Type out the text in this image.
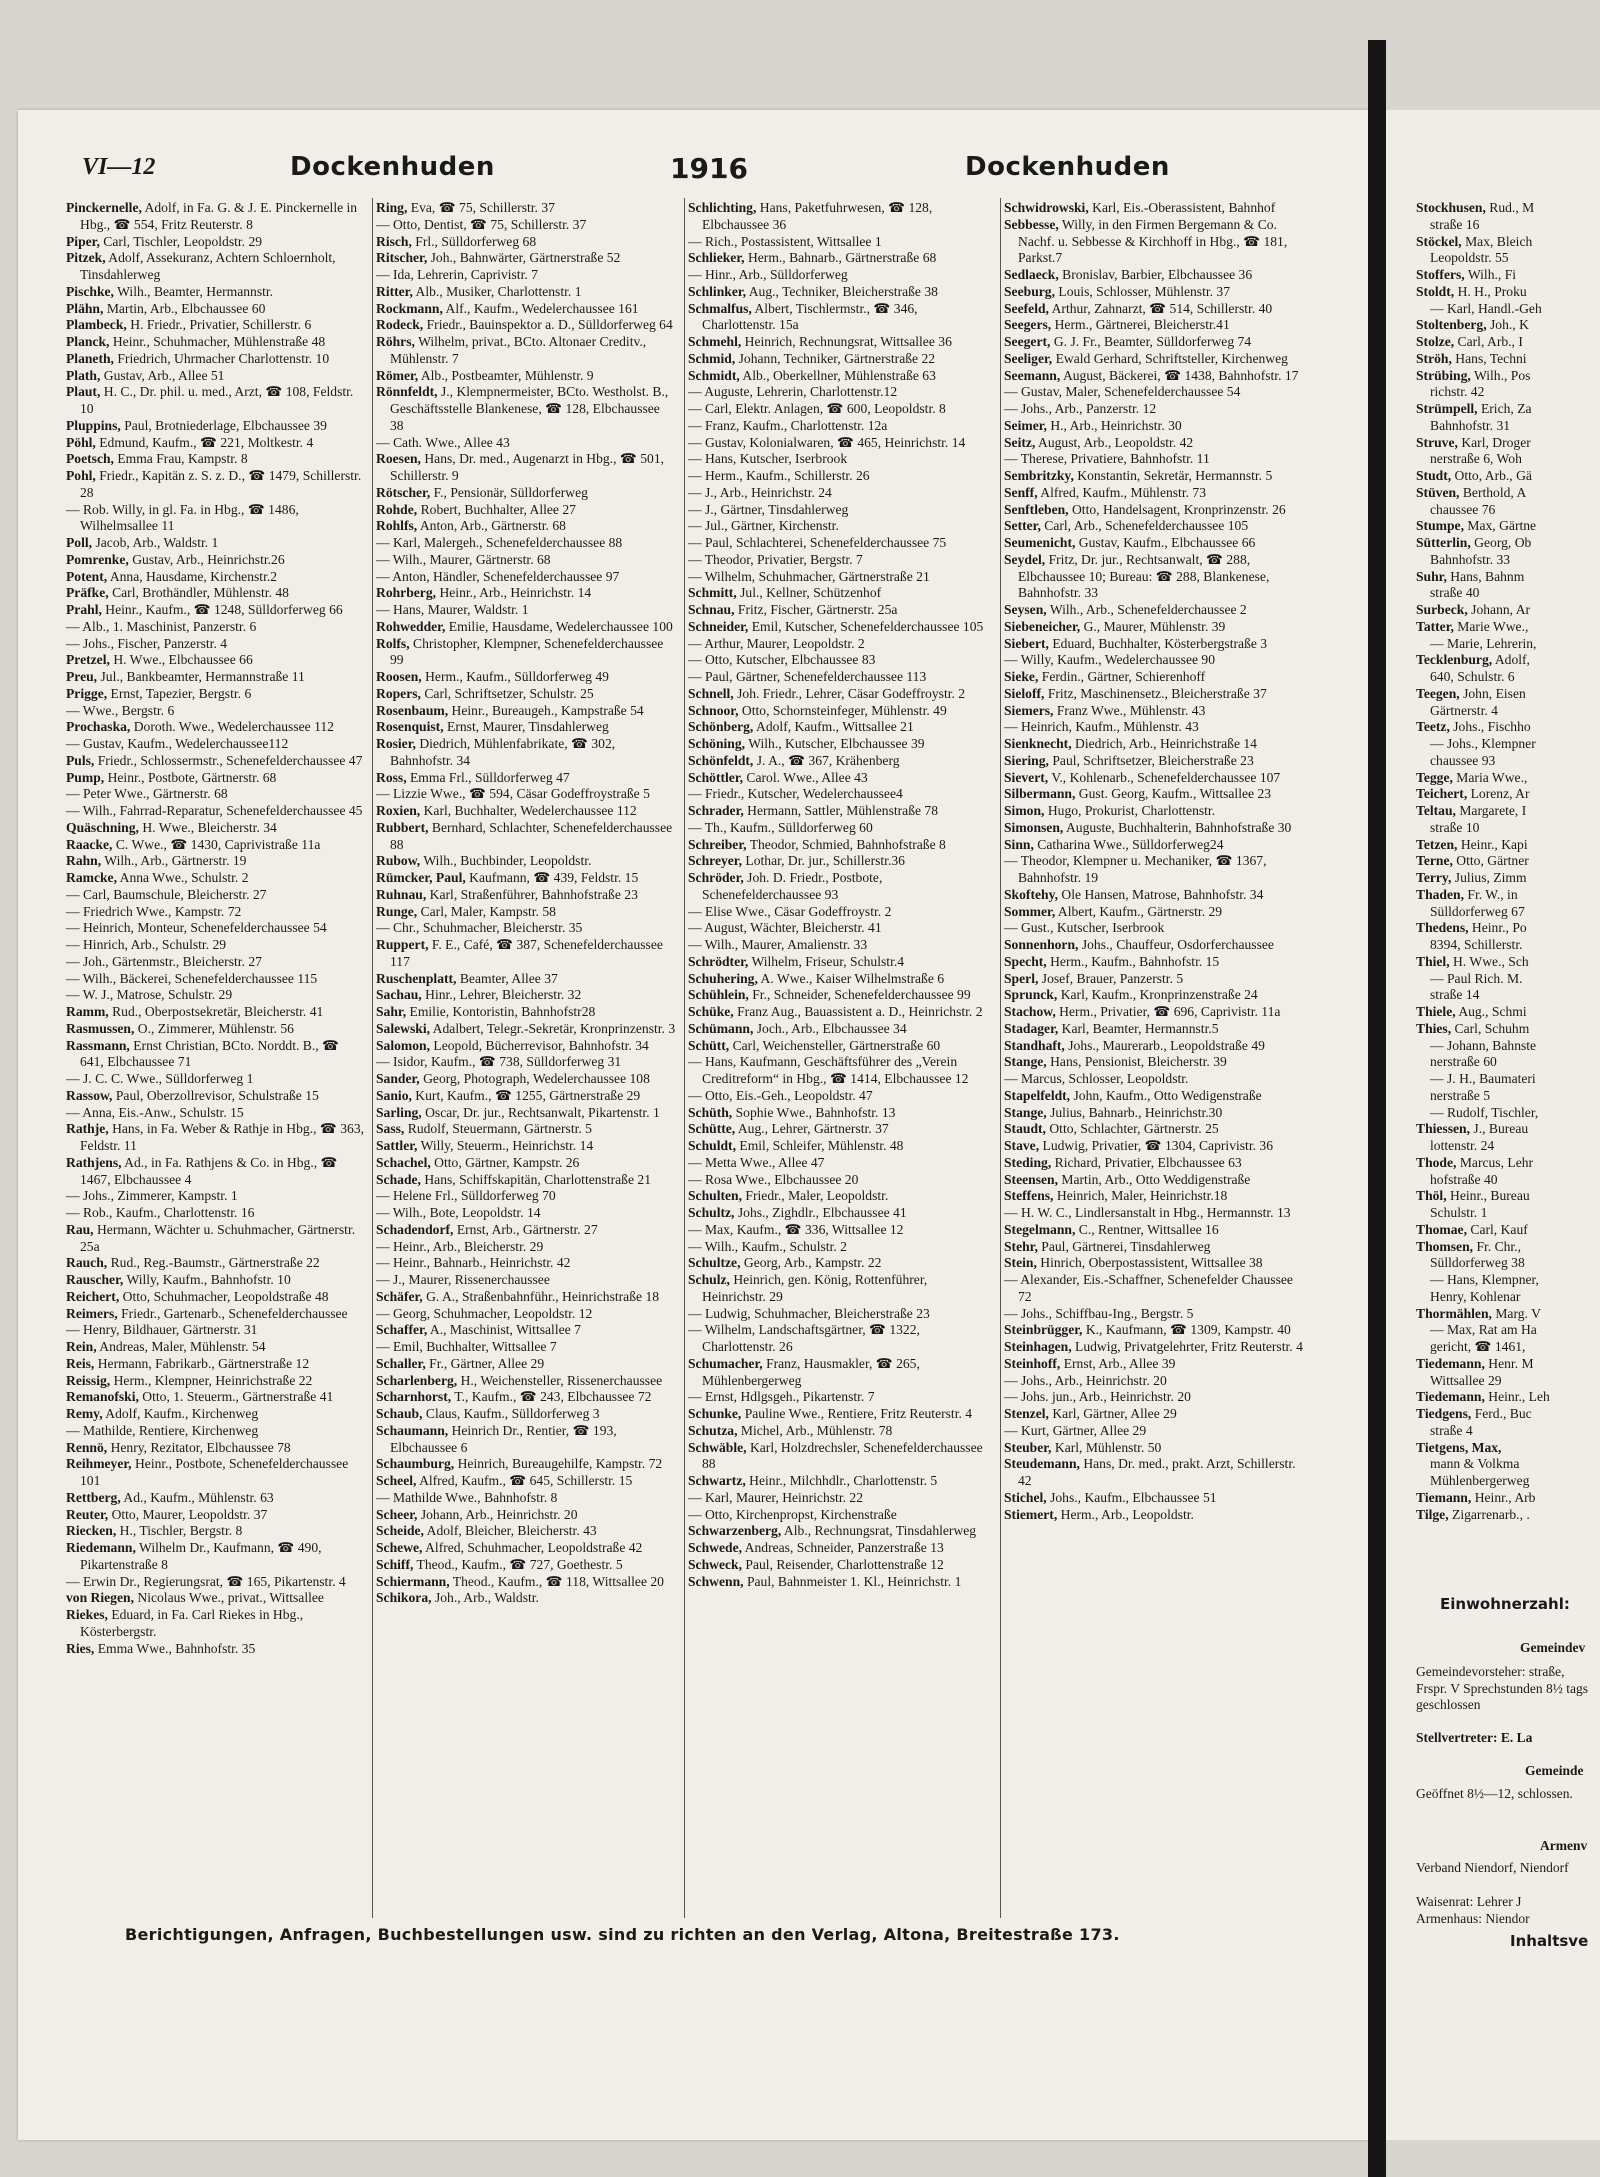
VI—12	Dockenhuden	1916	Dockenhuden

Pinckernelle, Adolf, in Fa. G. & J. E. Pinckernelle in Hbg., ☎ 554, Fritz Reuterstr. 8

Piper, Carl, Tischler, Leopoldstr. 29

Pitzek, Adolf, Assekuranz, Achtern Schloernholt, Tinsdahlerweg

Pischke, Wilh., Beamter, Hermannstr.

Plähn, Martin, Arb., Elbchaussee 60

Plambeck, H. Friedr., Privatier, Schillerstr. 6

Planck, Heinr., Schuhmacher, Mühlenstraße 48

Planeth, Friedrich, Uhrmacher Charlottenstr. 10

Plath, Gustav, Arb., Allee 51

Plaut, H. C., Dr. phil. u. med., Arzt, ☎ 108, Feldstr. 10

Pluppins, Paul, Brotniederlage, Elbchaussee 39

Pöhl, Edmund, Kaufm., ☎ 221, Moltkestr. 4

Poetsch, Emma Frau, Kampstr. 8

Pohl, Friedr., Kapitän z. S. z. D., ☎ 1479, Schillerstr. 28

— Rob. Willy, in gl. Fa. in Hbg., ☎ 1486, Wilhelmsallee 11

Poll, Jacob, Arb., Waldstr. 1

Pomrenke, Gustav, Arb., Heinrichstr.26

Potent, Anna, Hausdame, Kirchenstr.2

Präfke, Carl, Brothändler, Mühlenstr. 48

Prahl, Heinr., Kaufm., ☎ 1248, Sülldorferweg 66

— Alb., 1. Maschinist, Panzerstr. 6

— Johs., Fischer, Panzerstr. 4

Pretzel, H. Wwe., Elbchaussee 66

Preu, Jul., Bankbeamter, Hermannstraße 11

Prigge, Ernst, Tapezier, Bergstr. 6

— Wwe., Bergstr. 6

Prochaska, Doroth. Wwe., Wedelerchaussee 112

— Gustav, Kaufm., Wedelerchaussee112

Puls, Friedr., Schlossermstr., Schenefelderchaussee 47

Pump, Heinr., Postbote, Gärtnerstr. 68

— Peter Wwe., Gärtnerstr. 68

— Wilh., Fahrrad-Reparatur, Schenefelderchaussee 45

Quäschning, H. Wwe., Bleicherstr. 34

Raacke, C. Wwe., ☎ 1430, Caprivistraße 11a

Rahn, Wilh., Arb., Gärtnerstr. 19

Ramcke, Anna Wwe., Schulstr. 2

— Carl, Baumschule, Bleicherstr. 27

— Friedrich Wwe., Kampstr. 72

— Heinrich, Monteur, Schenefelderchaussee 54

— Hinrich, Arb., Schulstr. 29

— Joh., Gärtenmstr., Bleicherstr. 27

— Wilh., Bäckerei, Schenefelderchaussee 115

— W. J., Matrose, Schulstr. 29

Ramm, Rud., Oberpostsekretär, Bleicherstr. 41

Rasmussen, O., Zimmerer, Mühlenstr. 56

Rassmann, Ernst Christian, BCto. Norddt. B., ☎ 641, Elbchaussee 71

— J. C. C. Wwe., Sülldorferweg 1

Rassow, Paul, Oberzollrevisor, Schulstraße 15

— Anna, Eis.-Anw., Schulstr. 15

Rathje, Hans, in Fa. Weber & Rathje in Hbg., ☎ 363, Feldstr. 11

Rathjens, Ad., in Fa. Rathjens & Co. in Hbg., ☎ 1467, Elbchaussee 4

— Johs., Zimmerer, Kampstr. 1

— Rob., Kaufm., Charlottenstr. 16

Rau, Hermann, Wächter u. Schuhmacher, Gärtnerstr. 25a

Rauch, Rud., Reg.-Baumstr., Gärtnerstraße 22

Rauscher, Willy, Kaufm., Bahnhofstr. 10

Reichert, Otto, Schuhmacher, Leopoldstraße 48

Reimers, Friedr., Gartenarb., Schenefelderchaussee

— Henry, Bildhauer, Gärtnerstr. 31

Rein, Andreas, Maler, Mühlenstr. 54

Reis, Hermann, Fabrikarb., Gärtnerstraße 12

Reissig, Herm., Klempner, Heinrichstraße 22

Remanofski, Otto, 1. Steuerm., Gärtnerstraße 41

Remy, Adolf, Kaufm., Kirchenweg

— Mathilde, Rentiere, Kirchenweg

Rennö, Henry, Rezitator, Elbchaussee 78

Reihmeyer, Heinr., Postbote, Schenefelderchaussee 101

Rettberg, Ad., Kaufm., Mühlenstr. 63

Reuter, Otto, Maurer, Leopoldstr. 37

Riecken, H., Tischler, Bergstr. 8

Riedemann, Wilhelm Dr., Kaufmann, ☎ 490, Pikartenstraße 8

— Erwin Dr., Regierungsrat, ☎ 165, Pikartenstr. 4

von Riegen, Nicolaus Wwe., privat., Wittsallee

Riekes, Eduard, in Fa. Carl Riekes in Hbg., Kösterbergstr.

Ries, Emma Wwe., Bahnhofstr. 35

Ring, Eva, ☎ 75, Schillerstr. 37

— Otto, Dentist, ☎ 75, Schillerstr. 37

Risch, Frl., Sülldorferweg 68

Ritscher, Joh., Bahnwärter, Gärtnerstraße 52

— Ida, Lehrerin, Caprivistr. 7

Ritter, Alb., Musiker, Charlottenstr. 1

Rockmann, Alf., Kaufm., Wedelerchaussee 161

Rodeck, Friedr., Bauinspektor a. D., Sülldorferweg 64

Röhrs, Wilhelm, privat., BCto. Altonaer Creditv., Mühlenstr. 7

Römer, Alb., Postbeamter, Mühlenstr. 9

Rönnfeldt, J., Klempnermeister, BCto. Westholst. B., Geschäftsstelle Blankenese, ☎ 128, Elbchaussee 38

— Cath. Wwe., Allee 43

Roesen, Hans, Dr. med., Augenarzt in Hbg., ☎ 501, Schillerstr. 9

Rötscher, F., Pensionär, Sülldorferweg

Rohde, Robert, Buchhalter, Allee 27

Rohlfs, Anton, Arb., Gärtnerstr. 68

— Karl, Malergeh., Schenefelderchaussee 88

— Wilh., Maurer, Gärtnerstr. 68

— Anton, Händler, Schenefelderchaussee 97

Rohrberg, Heinr., Arb., Heinrichstr. 14

— Hans, Maurer, Waldstr. 1

Rohwedder, Emilie, Hausdame, Wedelerchaussee 100

Rolfs, Christopher, Klempner, Schenefelderchaussee 99

Roosen, Herm., Kaufm., Sülldorferweg 49

Ropers, Carl, Schriftsetzer, Schulstr. 25

Rosenbaum, Heinr., Bureaugeh., Kampstraße 54

Rosenquist, Ernst, Maurer, Tinsdahlerweg

Rosier, Diedrich, Mühlenfabrikate, ☎ 302, Bahnhofstr. 34

Ross, Emma Frl., Sülldorferweg 47

— Lizzie Wwe., ☎ 594, Cäsar Godeffroystraße 5

Roxien, Karl, Buchhalter, Wedelerchaussee 112

Rubbert, Bernhard, Schlachter, Schenefelderchaussee 88

Rubow, Wilh., Buchbinder, Leopoldstr.

Rümcker, Paul, Kaufmann, ☎ 439, Feldstr. 15

Ruhnau, Karl, Straßenführer, Bahnhofstraße 23

Runge, Carl, Maler, Kampstr. 58

— Chr., Schuhmacher, Bleicherstr. 35

Ruppert, F. E., Café, ☎ 387, Schenefelderchaussee 117

Ruschenplatt, Beamter, Allee 37

Sachau, Hinr., Lehrer, Bleicherstr. 32

Sahr, Emilie, Kontoristin, Bahnhofstr28

Salewski, Adalbert, Telegr.-Sekretär, Kronprinzenstr. 3

Salomon, Leopold, Bücherrevisor, Bahnhofstr. 34

— Isidor, Kaufm., ☎ 738, Sülldorferweg 31

Sander, Georg, Photograph, Wedelerchaussee 108

Sanio, Kurt, Kaufm., ☎ 1255, Gärtnerstraße 29

Sarling, Oscar, Dr. jur., Rechtsanwalt, Pikartenstr. 1

Sass, Rudolf, Steuermann, Gärtnerstr. 5

Sattler, Willy, Steuerm., Heinrichstr. 14

Schachel, Otto, Gärtner, Kampstr. 26

Schade, Hans, Schiffskapitän, Charlottenstraße 21

— Helene Frl., Sülldorferweg 70

— Wilh., Bote, Leopoldstr. 14

Schadendorf, Ernst, Arb., Gärtnerstr. 27

— Heinr., Arb., Bleicherstr. 29

— Heinr., Bahnarb., Heinrichstr. 42

— J., Maurer, Rissenerchaussee

Schäfer, G. A., Straßenbahnführ., Heinrichstraße 18

— Georg, Schuhmacher, Leopoldstr. 12

Schaffer, A., Maschinist, Wittsallee 7

— Emil, Buchhalter, Wittsallee 7

Schaller, Fr., Gärtner, Allee 29

Scharlenberg, H., Weichensteller, Rissenerchaussee

Scharnhorst, T., Kaufm., ☎ 243, Elbchaussee 72

Schaub, Claus, Kaufm., Sülldorferweg 3

Schaumann, Heinrich Dr., Rentier, ☎ 193, Elbchaussee 6

Schaumburg, Heinrich, Bureaugehilfe, Kampstr. 72

Scheel, Alfred, Kaufm., ☎ 645, Schillerstr. 15

— Mathilde Wwe., Bahnhofstr. 8

Scheer, Johann, Arb., Heinrichstr. 20

Scheide, Adolf, Bleicher, Bleicherstr. 43

Schewe, Alfred, Schuhmacher, Leopoldstraße 42

Schiff, Theod., Kaufm., ☎ 727, Goethestr. 5

Schiermann, Theod., Kaufm., ☎ 118, Wittsallee 20

Schikora, Joh., Arb., Waldstr.

Schlichting, Hans, Paketfuhrwesen, ☎ 128, Elbchaussee 36

— Rich., Postassistent, Wittsallee 1

Schlieker, Herm., Bahnarb., Gärtnerstraße 68

— Hinr., Arb., Sülldorferweg

Schlinker, Aug., Techniker, Bleicherstraße 38

Schmalfus, Albert, Tischlermstr., ☎ 346, Charlottenstr. 15a

Schmehl, Heinrich, Rechnungsrat, Wittsallee 36

Schmid, Johann, Techniker, Gärtnerstraße 22

Schmidt, Alb., Oberkellner, Mühlenstraße 63

— Auguste, Lehrerin, Charlottenstr.12

— Carl, Elektr. Anlagen, ☎ 600, Leopoldstr. 8

— Franz, Kaufm., Charlottenstr. 12a

— Gustav, Kolonialwaren, ☎ 465, Heinrichstr. 14

— Hans, Kutscher, Iserbrook

— Herm., Kaufm., Schillerstr. 26

— J., Arb., Heinrichstr. 24

— J., Gärtner, Tinsdahlerweg

— Jul., Gärtner, Kirchenstr.

— Paul, Schlachterei, Schenefelderchaussee 75

— Theodor, Privatier, Bergstr. 7

— Wilhelm, Schuhmacher, Gärtnerstraße 21

Schmitt, Jul., Kellner, Schützenhof

Schnau, Fritz, Fischer, Gärtnerstr. 25a

Schneider, Emil, Kutscher, Schenefelderchaussee 105

— Arthur, Maurer, Leopoldstr. 2

— Otto, Kutscher, Elbchaussee 83

— Paul, Gärtner, Schenefelderchaussee 113

Schnell, Joh. Friedr., Lehrer, Cäsar Godeffroystr. 2

Schnoor, Otto, Schornsteinfeger, Mühlenstr. 49

Schönberg, Adolf, Kaufm., Wittsallee 21

Schöning, Wilh., Kutscher, Elbchaussee 39

Schönfeldt, J. A., ☎ 367, Krähenberg

Schöttler, Carol. Wwe., Allee 43

— Friedr., Kutscher, Wedelerchaussee4

Schrader, Hermann, Sattler, Mühlenstraße 78

— Th., Kaufm., Sülldorferweg 60

Schreiber, Theodor, Schmied, Bahnhofstraße 8

Schreyer, Lothar, Dr. jur., Schillerstr.36

Schröder, Joh. D. Friedr., Postbote, Schenefelderchaussee 93

— Elise Wwe., Cäsar Godeffroystr. 2

— August, Wächter, Bleicherstr. 41

— Wilh., Maurer, Amalienstr. 33

Schrödter, Wilhelm, Friseur, Schulstr.4

Schuhering, A. Wwe., Kaiser Wilhelmstraße 6

Schühlein, Fr., Schneider, Schenefelderchaussee 99

Schüke, Franz Aug., Bauassistent a. D., Heinrichstr. 2

Schümann, Joch., Arb., Elbchaussee 34

Schütt, Carl, Weichensteller, Gärtnerstraße 60

— Hans, Kaufmann, Geschäftsführer des „Verein Creditreform“ in Hbg., ☎ 1414, Elbchaussee 12

— Otto, Eis.-Geh., Leopoldstr. 47

Schüth, Sophie Wwe., Bahnhofstr. 13

Schütte, Aug., Lehrer, Gärtnerstr. 37

Schuldt, Emil, Schleifer, Mühlenstr. 48

— Metta Wwe., Allee 47

— Rosa Wwe., Elbchaussee 20

Schulten, Friedr., Maler, Leopoldstr.

Schultz, Johs., Zighdlr., Elbchaussee 41

— Max, Kaufm., ☎ 336, Wittsallee 12

— Wilh., Kaufm., Schulstr. 2

Schultze, Georg, Arb., Kampstr. 22

Schulz, Heinrich, gen. König, Rottenführer, Heinrichstr. 29

— Ludwig, Schuhmacher, Bleicherstraße 23

— Wilhelm, Landschaftsgärtner, ☎ 1322, Charlottenstr. 26

Schumacher, Franz, Hausmakler, ☎ 265, Mühlenbergerweg

— Ernst, Hdlgsgeh., Pikartenstr. 7

Schunke, Pauline Wwe., Rentiere, Fritz Reuterstr. 4

Schutza, Michel, Arb., Mühlenstr. 78

Schwäble, Karl, Holzdrechsler, Schenefelderchaussee 88

Schwartz, Heinr., Milchhdlr., Charlottenstr. 5

— Karl, Maurer, Heinrichstr. 22

— Otto, Kirchenpropst, Kirchenstraße

Schwarzenberg, Alb., Rechnungsrat, Tinsdahlerweg

Schwede, Andreas, Schneider, Panzerstraße 13

Schweck, Paul, Reisender, Charlottenstraße 12

Schwenn, Paul, Bahnmeister 1. Kl., Heinrichstr. 1

Schwidrowski, Karl, Eis.-Oberassistent, Bahnhof

Sebbesse, Willy, in den Firmen Bergemann & Co. Nachf. u. Sebbesse & Kirchhoff in Hbg., ☎ 181, Parkst.7

Sedlaeck, Bronislav, Barbier, Elbchaussee 36

Seeburg, Louis, Schlosser, Mühlenstr. 37

Seefeld, Arthur, Zahnarzt, ☎ 514, Schillerstr. 40

Seegers, Herm., Gärtnerei, Bleicherstr.41

Seegert, G. J. Fr., Beamter, Sülldorferweg 74

Seeliger, Ewald Gerhard, Schriftsteller, Kirchenweg

Seemann, August, Bäckerei, ☎ 1438, Bahnhofstr. 17

— Gustav, Maler, Schenefelderchaussee 54

— Johs., Arb., Panzerstr. 12

Seimer, H., Arb., Heinrichstr. 30

Seitz, August, Arb., Leopoldstr. 42

— Therese, Privatiere, Bahnhofstr. 11

Sembritzky, Konstantin, Sekretär, Hermannstr. 5

Senff, Alfred, Kaufm., Mühlenstr. 73

Senftleben, Otto, Handelsagent, Kronprinzenstr. 26

Setter, Carl, Arb., Schenefelderchaussee 105

Seumenicht, Gustav, Kaufm., Elbchaussee 66

Seydel, Fritz, Dr. jur., Rechtsanwalt, ☎ 288, Elbchaussee 10; Bureau: ☎ 288, Blankenese, Bahnhofstr. 33

Seysen, Wilh., Arb., Schenefelderchaussee 2

Siebeneicher, G., Maurer, Mühlenstr. 39

Siebert, Eduard, Buchhalter, Kösterbergstraße 3

— Willy, Kaufm., Wedelerchaussee 90

Sieke, Ferdin., Gärtner, Schierenhoff

Sieloff, Fritz, Maschinensetz., Bleicherstraße 37

Siemers, Franz Wwe., Mühlenstr. 43

— Heinrich, Kaufm., Mühlenstr. 43

Sienknecht, Diedrich, Arb., Heinrichstraße 14

Siering, Paul, Schriftsetzer, Bleicherstraße 23

Sievert, V., Kohlenarb., Schenefelderchaussee 107

Silbermann, Gust. Georg, Kaufm., Wittsallee 23

Simon, Hugo, Prokurist, Charlottenstr.

Simonsen, Auguste, Buchhalterin, Bahnhofstraße 30

Sinn, Catharina Wwe., Sülldorferweg24

— Theodor, Klempner u. Mechaniker, ☎ 1367, Bahnhofstr. 19

Skoftehy, Ole Hansen, Matrose, Bahnhofstr. 34

Sommer, Albert, Kaufm., Gärtnerstr. 29

— Gust., Kutscher, Iserbrook

Sonnenhorn, Johs., Chauffeur, Osdorferchaussee

Specht, Herm., Kaufm., Bahnhofstr. 15

Sperl, Josef, Brauer, Panzerstr. 5

Sprunck, Karl, Kaufm., Kronprinzenstraße 24

Stachow, Herm., Privatier, ☎ 696, Caprivistr. 11a

Stadager, Karl, Beamter, Hermannstr.5

Standhaft, Johs., Maurerarb., Leopoldstraße 49

Stange, Hans, Pensionist, Bleicherstr. 39

— Marcus, Schlosser, Leopoldstr.

Stapelfeldt, John, Kaufm., Otto Wedigenstraße

Stange, Julius, Bahnarb., Heinrichstr.30

Staudt, Otto, Schlachter, Gärtnerstr. 25

Stave, Ludwig, Privatier, ☎ 1304, Caprivistr. 36

Steding, Richard, Privatier, Elbchaussee 63

Steensen, Martin, Arb., Otto Weddigenstraße

Steffens, Heinrich, Maler, Heinrichstr.18

— H. W. C., Lindlersanstalt in Hbg., Hermannstr. 13

Stegelmann, C., Rentner, Wittsallee 16

Stehr, Paul, Gärtnerei, Tinsdahlerweg

Stein, Hinrich, Oberpostassistent, Wittsallee 38

— Alexander, Eis.-Schaffner, Schenefelder Chaussee 72

— Johs., Schiffbau-Ing., Bergstr. 5

Steinbrügger, K., Kaufmann, ☎ 1309, Kampstr. 40

Steinhagen, Ludwig, Privatgelehrter, Fritz Reuterstr. 4

Steinhoff, Ernst, Arb., Allee 39

— Johs., Arb., Heinrichstr. 20

— Johs. jun., Arb., Heinrichstr. 20

Stenzel, Karl, Gärtner, Allee 29

— Kurt, Gärtner, Allee 29

Steuber, Karl, Mühlenstr. 50

Steudemann, Hans, Dr. med., prakt. Arzt, Schillerstr. 42

Stichel, Johs., Kaufm., Elbchaussee 51

Stiemert, Herm., Arb., Leopoldstr.

Stockhusen, Rud., M

straße 16

Stöckel, Max, Bleich

Leopoldstr. 55

Stoffers, Wilh., Fi

Stoldt, H. H., Proku

— Karl, Handl.-Geh

Stoltenberg, Joh., K

Stolze, Carl, Arb., I

Ströh, Hans, Techni

Strübing, Wilh., Pos

richstr. 42

Strümpell, Erich, Za

Bahnhofstr. 31

Struve, Karl, Droger

nerstraße 6, Woh

Studt, Otto, Arb., Gä

Stüven, Berthold, A

chaussee 76

Stumpe, Max, Gärtne

Sütterlin, Georg, Ob

Bahnhofstr. 33

Suhr, Hans, Bahnm

straße 40

Surbeck, Johann, Ar

Tatter, Marie Wwe.,

— Marie, Lehrerin,

Tecklenburg, Adolf,

640, Schulstr. 6

Teegen, John, Eisen

Gärtnerstr. 4

Teetz, Johs., Fischho

— Johs., Klempner

chaussee 93

Tegge, Maria Wwe.,

Teichert, Lorenz, Ar

Teltau, Margarete, I

straße 10

Tetzen, Heinr., Kapi

Terne, Otto, Gärtner

Terry, Julius, Zimm

Thaden, Fr. W., in

Sülldorferweg 67

Thedens, Heinr., Po

8394, Schillerstr.

Thiel, H. Wwe., Sch

— Paul Rich. M.

straße 14

Thiele, Aug., Schmi

Thies, Carl, Schuhm

— Johann, Bahnste

nerstraße 60

— J. H., Baumateri

nerstraße 5

— Rudolf, Tischler,

Thiessen, J., Bureau

lottenstr. 24

Thode, Marcus, Lehr

hofstraße 40

Thöl, Heinr., Bureau

Schulstr. 1

Thomae, Carl, Kauf

Thomsen, Fr. Chr.,

Sülldorferweg 38

— Hans, Klempner,

Henry, Kohlenar

Thormählen, Marg. V

— Max, Rat am Ha

gericht, ☎ 1461,

Tiedemann, Henr. M

Wittsallee 29

Tiedemann, Heinr., Leh

Tiedgens, Ferd., Buc

straße 4

Tietgens, Max,

mann & Volkma

Mühlenbergerweg

Tiemann, Heinr., Arb

Tilge, Zigarrenarb., .

Einwohnerzahl:
Gemeindev
Gemeindevorsteher: straße, Frspr. V Sprechstunden 8½ tags geschlossen
Stellvertreter: E. La
Gemeinde
Geöffnet 8½—12, schlossen.
Armenv
Verband Niendorf, Niendorf
Waisenrat: Lehrer J
Armenhaus: Niendor
Inhaltsve
Berichtigungen, Anfragen, Buchbestellungen usw. sind zu richten an den Verlag, Altona, Breitestraße 173.
